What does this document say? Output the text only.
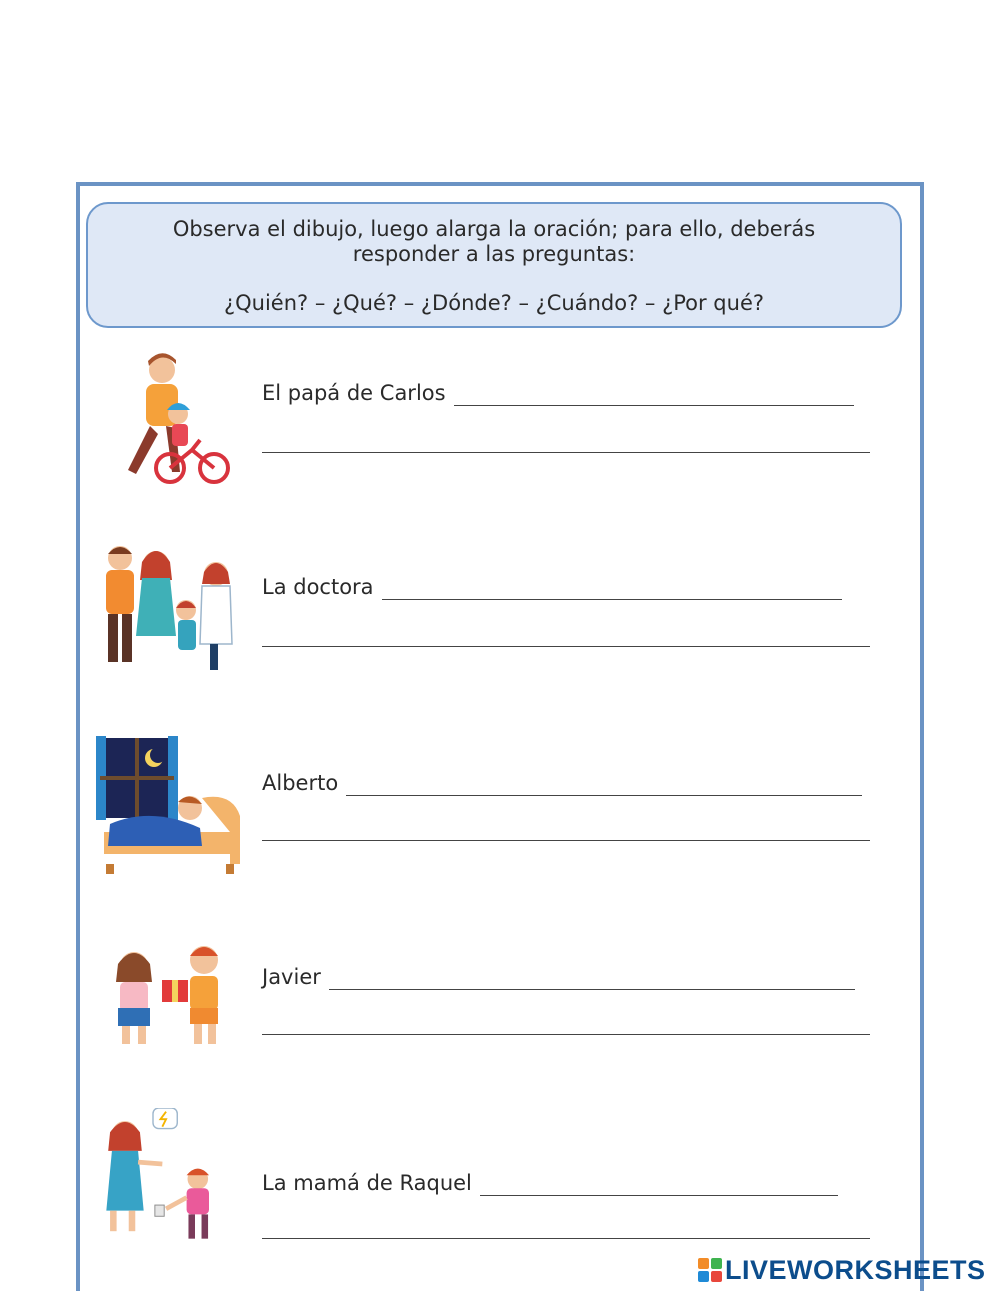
Observa el dibujo, luego alarga la oración; para ello, deberás
responder a las preguntas:
¿Quién? – ¿Qué? – ¿Dónde? – ¿Cuándo? – ¿Por qué?
El papá de Carlos
La doctora
Alberto
Javier
La mamá de Raquel
LIVEWORKSHEETS
